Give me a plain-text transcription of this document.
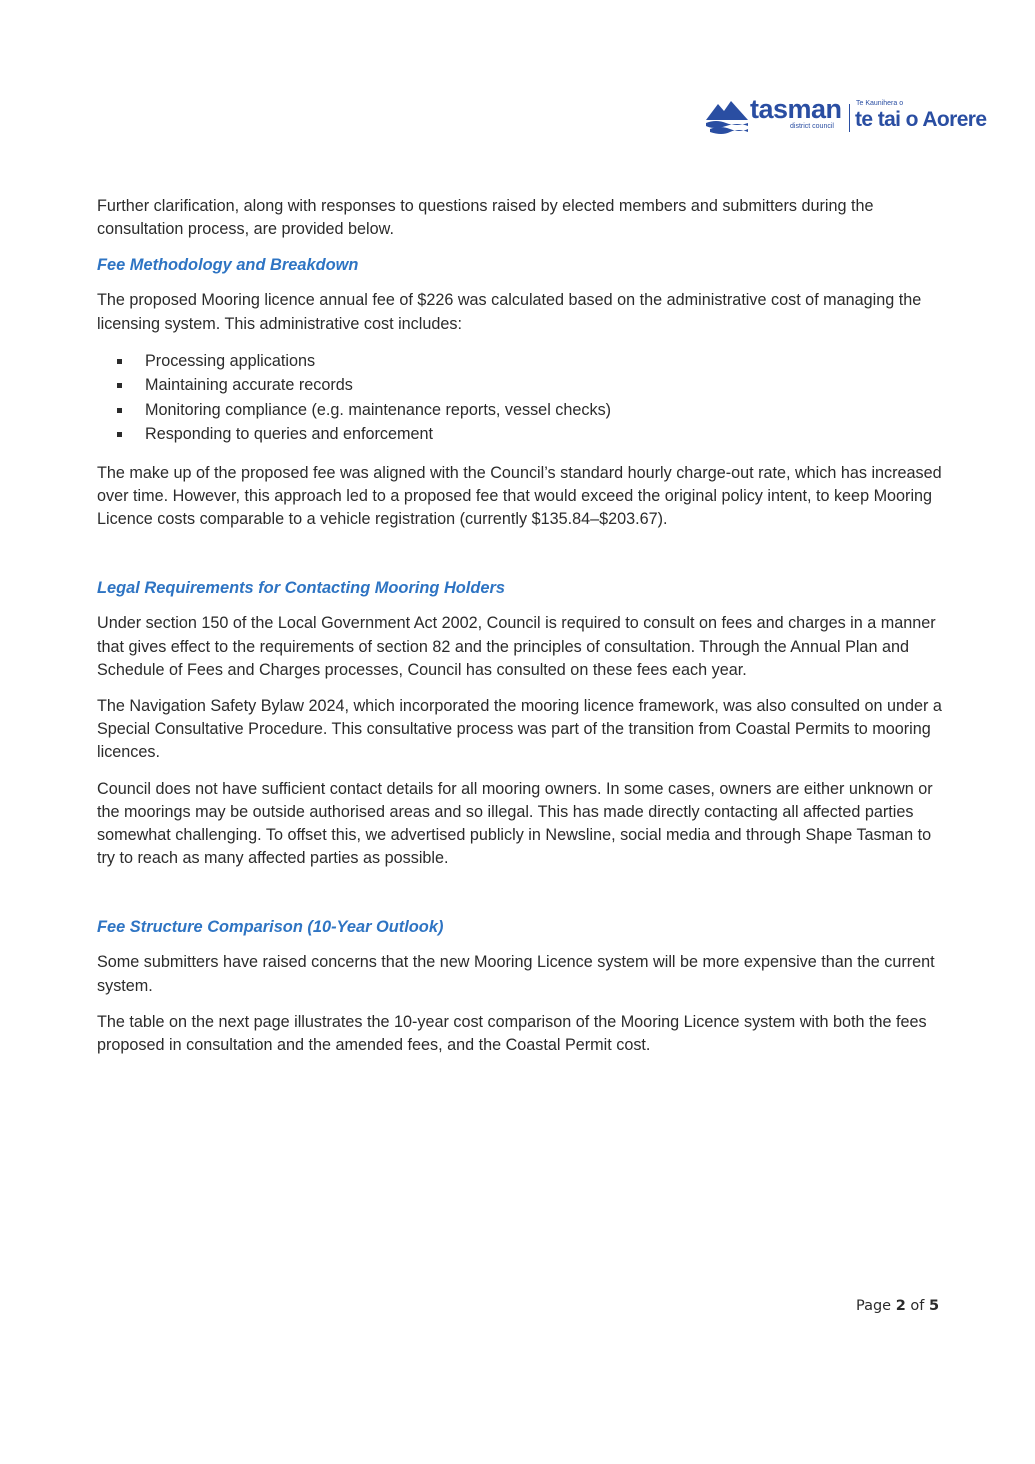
tasman
district council
Te Kaunihera o
te tai o Aorere

Further clarification, along with responses to questions raised by elected members and submitters during the consultation process, are provided below.

Fee Methodology and Breakdown

The proposed Mooring licence annual fee of $226 was calculated based on the administrative cost of managing the licensing system. This administrative cost includes:

Processing applications
Maintaining accurate records
Monitoring compliance (e.g. maintenance reports, vessel checks)
Responding to queries and enforcement

The make up of the proposed fee was aligned with the Council’s standard hourly charge-out rate, which has increased over time. However, this approach led to a proposed fee that would exceed the original policy intent, to keep Mooring Licence costs comparable to a vehicle registration (currently $135.84–$203.67).

Legal Requirements for Contacting Mooring Holders

Under section 150 of the Local Government Act 2002, Council is required to consult on fees and charges in a manner that gives effect to the requirements of section 82 and the principles of consultation. Through the Annual Plan and Schedule of Fees and Charges processes, Council has consulted on these fees each year.

The Navigation Safety Bylaw 2024, which incorporated the mooring licence framework, was also consulted on under a Special Consultative Procedure. This consultative process was part of the transition from Coastal Permits to mooring licences.

Council does not have sufficient contact details for all mooring owners. In some cases, owners are either unknown or the moorings may be outside authorised areas and so illegal. This has made directly contacting all affected parties somewhat challenging. To offset this, we advertised publicly in Newsline, social media and through Shape Tasman to try to reach as many affected parties as possible.

Fee Structure Comparison (10-Year Outlook)

Some submitters have raised concerns that the new Mooring Licence system will be more expensive than the current system.

The table on the next page illustrates the 10-year cost comparison of the Mooring Licence system with both the fees proposed in consultation and the amended fees, and the Coastal Permit cost.

Page 2 of 5
